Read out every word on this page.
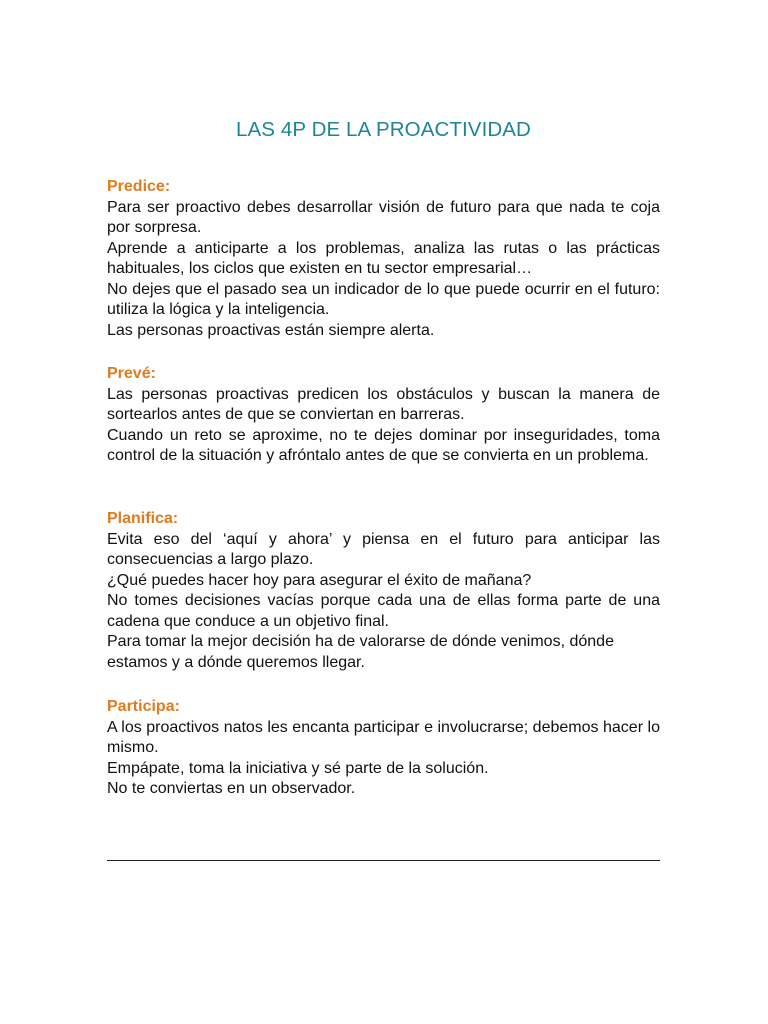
LAS 4P DE LA PROACTIVIDAD

Predice:

Para ser proactivo debes desarrollar visión de futuro para que nada te coja por sorpresa.

Aprende a anticiparte a los problemas, analiza las rutas o las prácticas habituales, los ciclos que existen en tu sector empresarial…

No dejes que el pasado sea un indicador de lo que puede ocurrir en el futuro: utiliza la lógica y la inteligencia.

Las personas proactivas están siempre alerta.

Prevé:

Las personas proactivas predicen los obstáculos y buscan la manera de sortearlos antes de que se conviertan en barreras.

Cuando un reto se aproxime, no te dejes dominar por inseguridades, toma control de la situación y afróntalo antes de que se convierta en un problema.

Planifica:

Evita eso del ‘aquí y ahora’ y piensa en el futuro para anticipar las consecuencias a largo plazo.

¿Qué puedes hacer hoy para asegurar el éxito de mañana?

No tomes decisiones vacías porque cada una de ellas forma parte de una cadena que conduce a un objetivo final.

Para tomar la mejor decisión ha de valorarse de dónde venimos, dónde estamos y a dónde queremos llegar.

Participa:

A los proactivos natos les encanta participar e involucrarse; debemos hacer lo mismo.

Empápate, toma la iniciativa y sé parte de la solución.

No te conviertas en un observador.
